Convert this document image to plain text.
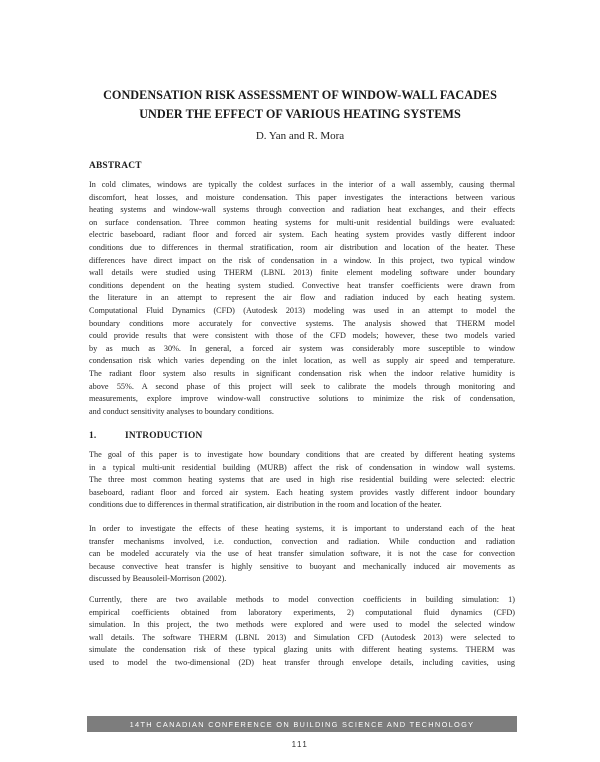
CONDENSATION RISK ASSESSMENT OF WINDOW-WALL FACADES
UNDER THE EFFECT OF VARIOUS HEATING SYSTEMS
D. Yan and R. Mora
ABSTRACT
In cold climates, windows are typically the coldest surfaces in the interior of a wall assembly, causing thermal
discomfort, heat losses, and moisture condensation. This paper investigates the interactions between various
heating systems and window-wall systems through convection and radiation heat exchanges, and their effects
on surface condensation. Three common heating systems for multi-unit residential buildings were evaluated:
electric baseboard, radiant floor and forced air system. Each heating system provides vastly different indoor
conditions due to differences in thermal stratification, room air distribution and location of the heater. These
differences have direct impact on the risk of condensation in a window. In this project, two typical window
wall details were studied using THERM (LBNL 2013) finite element modeling software under boundary
conditions dependent on the heating system studied. Convective heat transfer coefficients were drawn from
the literature in an attempt to represent the air flow and radiation induced by each heating system.
Computational Fluid Dynamics (CFD) (Autodesk 2013) modeling was used in an attempt to model the
boundary conditions more accurately for convective systems. The analysis showed that THERM model
could provide results that were consistent with those of the CFD models; however, these two models varied
by as much as 30%. In general, a forced air system was considerably more susceptible to window
condensation risk which varies depending on the inlet location, as well as supply air speed and temperature.
The radiant floor system also results in significant condensation risk when the indoor relative humidity is
above 55%. A second phase of this project will seek to calibrate the models through monitoring and
measurements, explore improve window-wall constructive solutions to minimize the risk of condensation,
and conduct sensitivity analyses to boundary conditions.
1.	INTRODUCTION
The goal of this paper is to investigate how boundary conditions that are created by different heating systems
in a typical multi-unit residential building (MURB) affect the risk of condensation in window wall systems.
The three most common heating systems that are used in high rise residential building were selected: electric
baseboard, radiant floor and forced air system. Each heating system provides vastly different indoor boundary
conditions due to differences in thermal stratification, air distribution in the room and location of the heater.
In order to investigate the effects of these heating systems, it is important to understand each of the heat
transfer mechanisms involved, i.e. conduction, convection and radiation. While conduction and radiation
can be modeled accurately via the use of heat transfer simulation software, it is not the case for convection
because convective heat transfer is highly sensitive to buoyant and mechanically induced air movements as
discussed by Beausoleil-Morrison (2002).
Currently, there are two available methods to model convection coefficients in building simulation: 1)
empirical coefficients obtained from laboratory experiments, 2) computational fluid dynamics (CFD)
simulation. In this project, the two methods were explored and were used to model the selected window
wall details. The software THERM (LBNL 2013) and Simulation CFD (Autodesk 2013) were selected to
simulate the condensation risk of these typical glazing units with different heating systems. THERM was
used to model the two-dimensional (2D) heat transfer through envelope details, including cavities, using
14TH CANADIAN CONFERENCE ON BUILDING SCIENCE AND TECHNOLOGY
111
